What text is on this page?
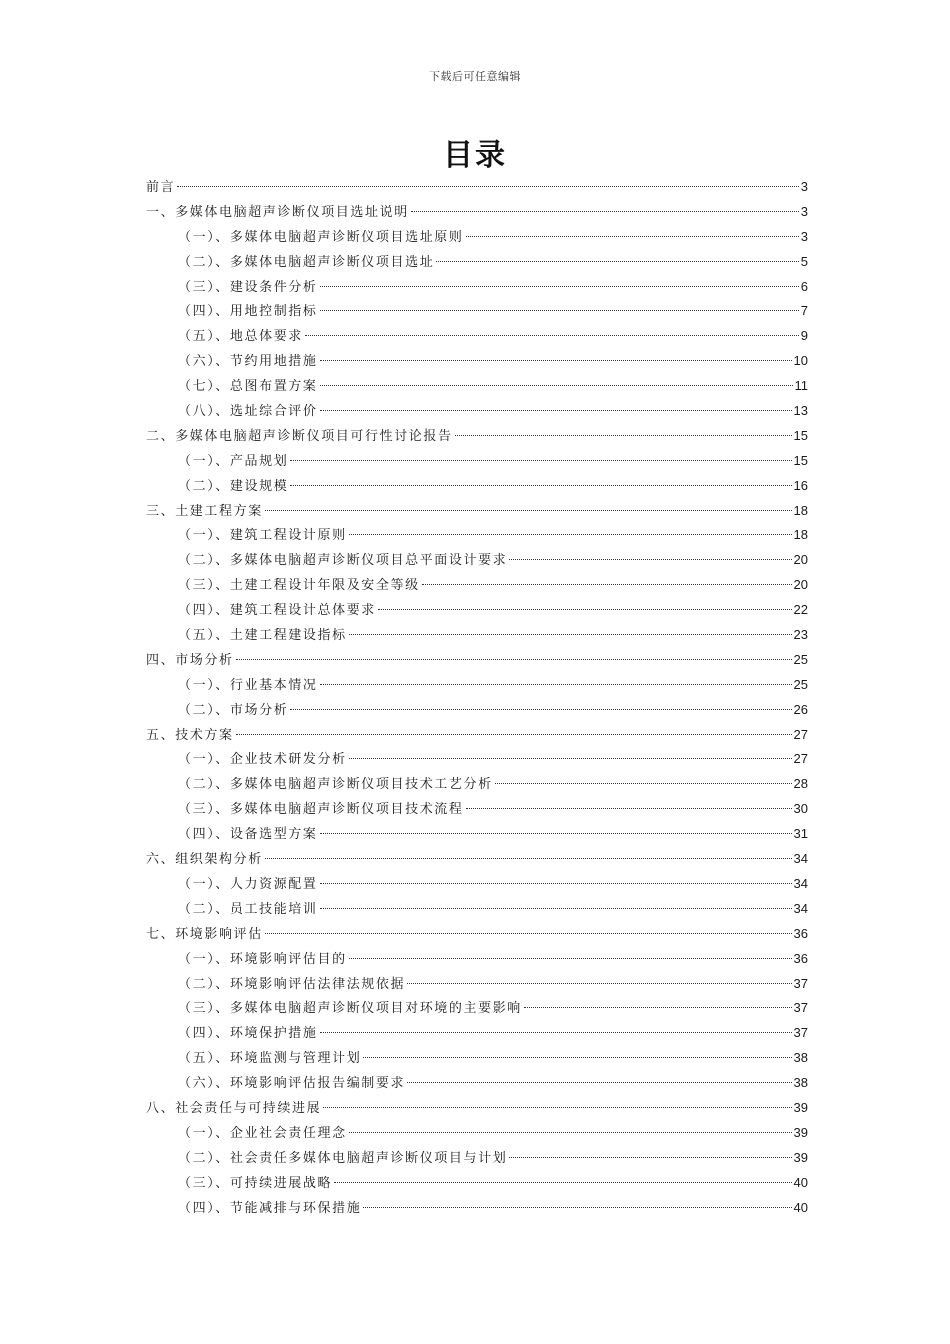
下载后可任意编辑
目录
前言	3
一、多媒体电脑超声诊断仪项目选址说明	3
（一）、多媒体电脑超声诊断仪项目选址原则	3
（二）、多媒体电脑超声诊断仪项目选址	5
（三）、建设条件分析	6
（四）、用地控制指标	7
（五）、地总体要求	9
（六）、节约用地措施	10
（七）、总图布置方案	11
（八）、选址综合评价	13
二、多媒体电脑超声诊断仪项目可行性讨论报告	15
（一）、产品规划	15
（二）、建设规模	16
三、土建工程方案	18
（一）、建筑工程设计原则	18
（二）、多媒体电脑超声诊断仪项目总平面设计要求	20
（三）、土建工程设计年限及安全等级	20
（四）、建筑工程设计总体要求	22
（五）、土建工程建设指标	23
四、市场分析	25
（一）、行业基本情况	25
（二）、市场分析	26
五、技术方案	27
（一）、企业技术研发分析	27
（二）、多媒体电脑超声诊断仪项目技术工艺分析	28
（三）、多媒体电脑超声诊断仪项目技术流程	30
（四）、设备选型方案	31
六、组织架构分析	34
（一）、人力资源配置	34
（二）、员工技能培训	34
七、环境影响评估	36
（一）、环境影响评估目的	36
（二）、环境影响评估法律法规依据	37
（三）、多媒体电脑超声诊断仪项目对环境的主要影响	37
（四）、环境保护措施	37
（五）、环境监测与管理计划	38
（六）、环境影响评估报告编制要求	38
八、社会责任与可持续进展	39
（一）、企业社会责任理念	39
（二）、社会责任多媒体电脑超声诊断仪项目与计划	39
（三）、可持续进展战略	40
（四）、节能减排与环保措施	40
